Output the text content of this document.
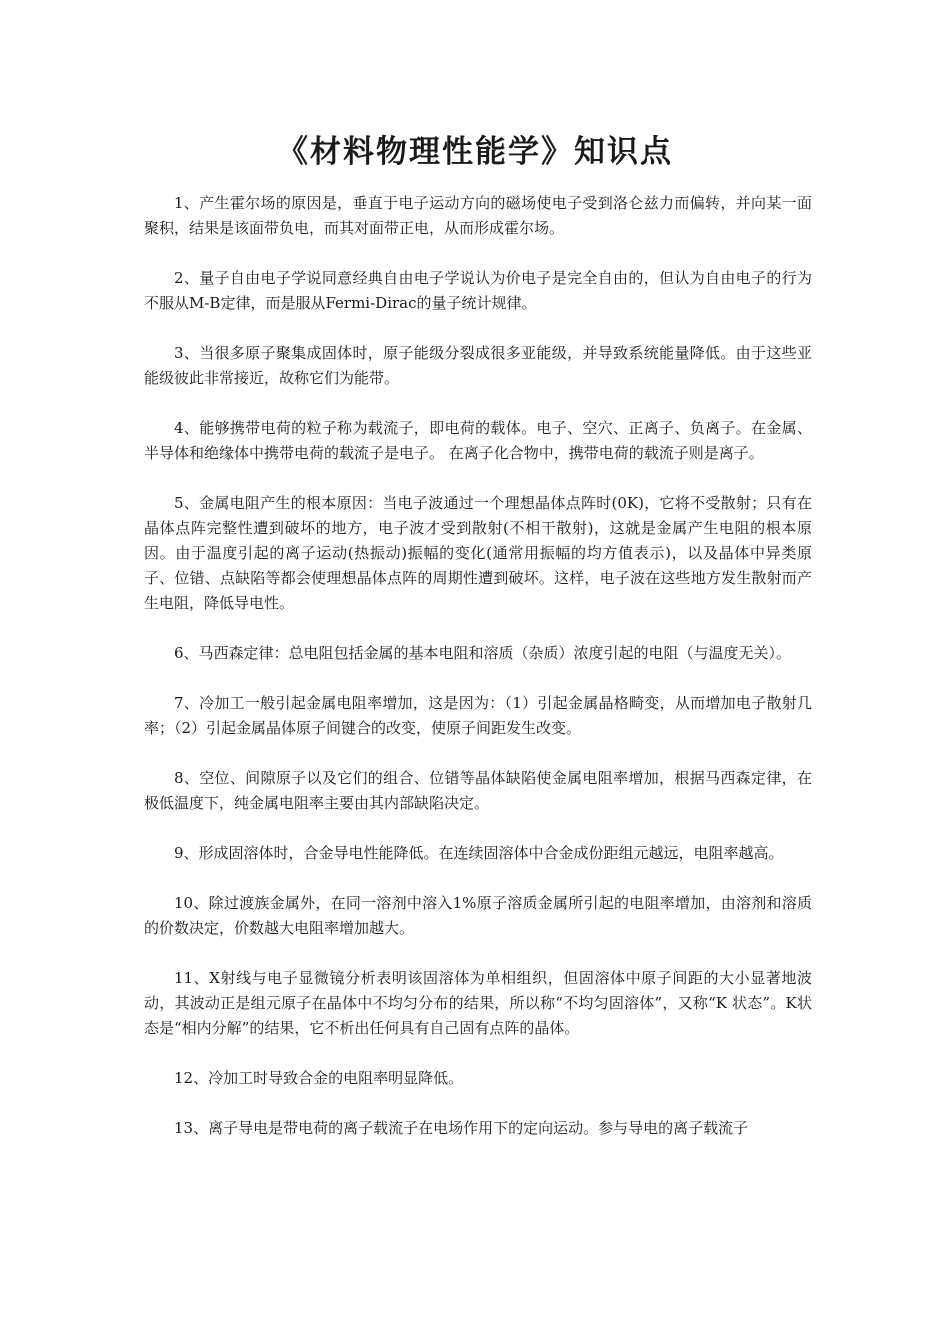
《材料物理性能学》知识点

1、产生霍尔场的原因是，垂直于电子运动方向的磁场使电子受到洛仑兹力而偏转，并向某一面聚积，结果是该面带负电，而其对面带正电，从而形成霍尔场。

2、量子自由电子学说同意经典自由电子学说认为价电子是完全自由的，但认为自由电子的行为不服从M-B定律，而是服从Fermi-Dirac的量子统计规律。

3、当很多原子聚集成固体时，原子能级分裂成很多亚能级，并导致系统能量降低。由于这些亚能级彼此非常接近，故称它们为能带。

4、能够携带电荷的粒子称为载流子，即电荷的载体。电子、空穴、正离子、负离子。在金属、半导体和绝缘体中携带电荷的载流子是电子。 在离子化合物中，携带电荷的载流子则是离子。

5、金属电阻产生的根本原因：当电子波通过一个理想晶体点阵时(0K)，它将不受散射；只有在晶体点阵完整性遭到破坏的地方，电子波才受到散射(不相干散射)，这就是金属产生电阻的根本原因。由于温度引起的离子运动(热振动)振幅的变化(通常用振幅的均方值表示)，以及晶体中异类原子、位错、点缺陷等都会使理想晶体点阵的周期性遭到破坏。这样，电子波在这些地方发生散射而产生电阻，降低导电性。

6、马西森定律：总电阻包括金属的基本电阻和溶质（杂质）浓度引起的电阻（与温度无关）。

7、冷加工一般引起金属电阻率增加，这是因为：（1）引起金属晶格畸变，从而增加电子散射几率；（2）引起金属晶体原子间键合的改变，使原子间距发生改变。

8、空位、间隙原子以及它们的组合、位错等晶体缺陷使金属电阻率增加，根据马西森定律，在极低温度下，纯金属电阻率主要由其内部缺陷决定。

9、形成固溶体时，合金导电性能降低。在连续固溶体中合金成份距组元越远，电阻率越高。

10、除过渡族金属外，在同一溶剂中溶入1%原子溶质金属所引起的电阻率增加，由溶剂和溶质的价数决定，价数越大电阻率增加越大。

11、X射线与电子显微镜分析表明该固溶体为单相组织，但固溶体中原子间距的大小显著地波动，其波动正是组元原子在晶体中不均匀分布的结果，所以称“不均匀固溶体”，又称“K 状态”。K状态是“相内分解”的结果，它不析出任何具有自己固有点阵的晶体。

12、冷加工时导致合金的电阻率明显降低。

13、离子导电是带电荷的离子载流子在电场作用下的定向运动。参与导电的离子载流子
